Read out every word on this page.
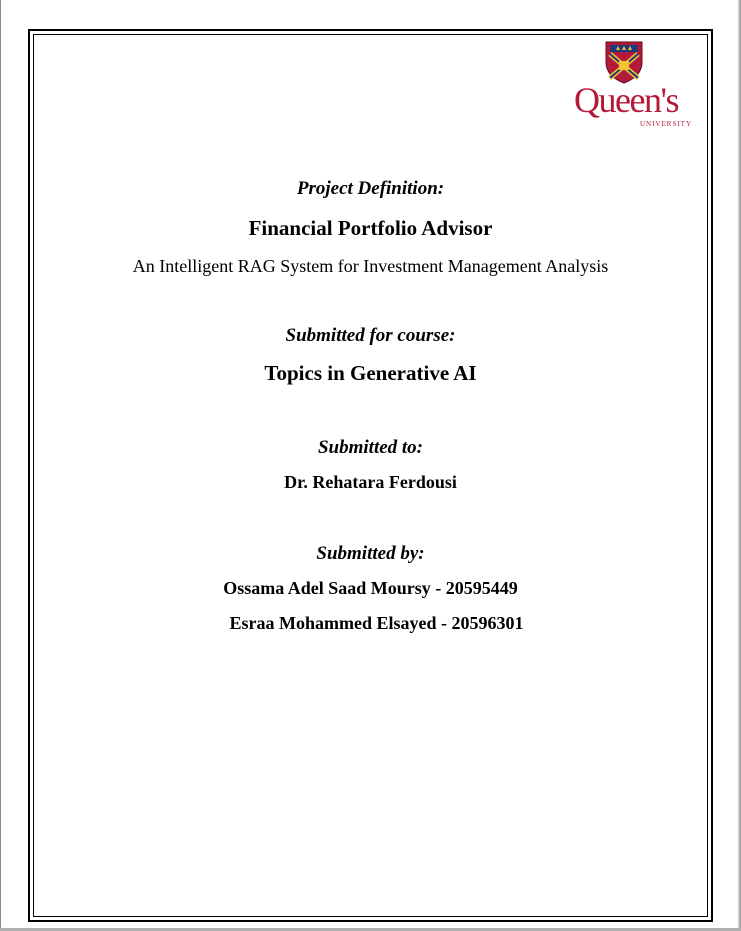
Queen's
UNIVERSITY
Project Definition:
Financial Portfolio Advisor
An Intelligent RAG System for Investment Management Analysis
Submitted for course:
Topics in Generative AI
Submitted to:
Dr. Rehatara Ferdousi
Submitted by:
Ossama Adel Saad Moursy - 20595449
Esraa Mohammed Elsayed - 20596301
